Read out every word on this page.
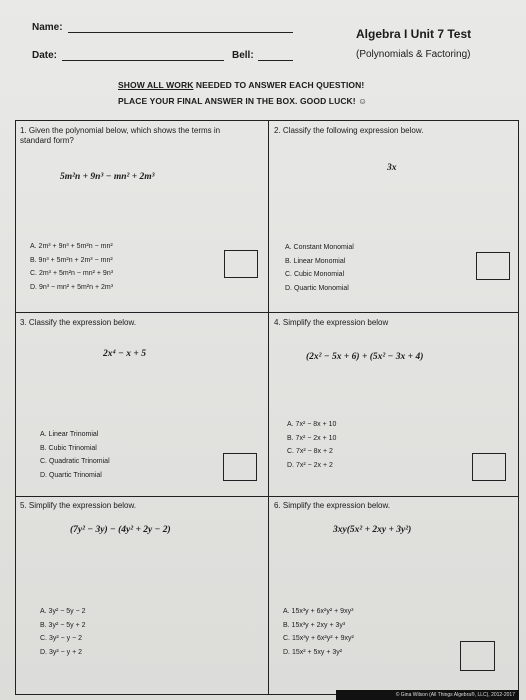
Name:
Date:	Bell:
Algebra I Unit 7 Test
(Polynomials & Factoring)
SHOW ALL WORK NEEDED TO ANSWER EACH QUESTION!
PLACE YOUR FINAL ANSWER IN THE BOX. GOOD LUCK! ☺
1. Given the polynomial below, which shows the terms in standard form?
5m²n + 9n³ − mn² + 2m³
A. 2m³ + 9n³ + 5m²n − mn²
B. 9n³ + 5m²n + 2m³ − mn²
C. 2m³ + 5m²n − mn² + 9n³
D. 9n³ − mn² + 5m²n + 2m³
2. Classify the following expression below.
3x
A. Constant Monomial
B. Linear Monomial
C. Cubic Monomial
D. Quartic Monomial
3. Classify the expression below.
2x⁴ − x + 5
A. Linear Trinomial
B. Cubic Trinomial
C. Quadratic Trinomial
D. Quartic Trinomial
4. Simplify the expression below
(2x² − 5x + 6) + (5x² − 3x + 4)
A. 7x² − 8x + 10
B. 7x² − 2x + 10
C. 7x² − 8x + 2
D. 7x² − 2x + 2
5. Simplify the expression below.
(7y² − 3y) − (4y² + 2y − 2)
A. 3y² − 5y − 2
B. 3y² − 5y + 2
C. 3y² − y − 2
D. 3y² − y + 2
6. Simplify the expression below.
3xy(5x² + 2xy + 3y²)
A. 15x³y + 6x²y² + 9xy³
B. 15x³y + 2xy + 3y³
C. 15x³y + 6x²y² + 9xy²
D. 15x² + 5xy + 3y²
© Gina Wilson (All Things Algebra®, LLC), 2012-2017
